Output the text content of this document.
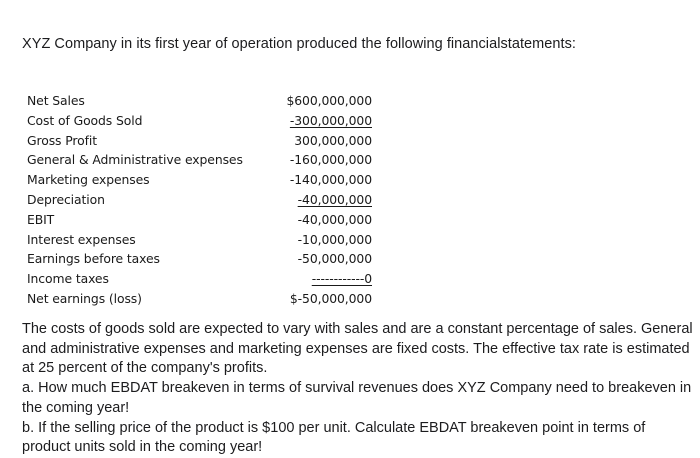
XYZ Company in its first year of operation produced the following financialstatements:

Net Sales	$600,000,000
Cost of Goods Sold	-300,000,000
Gross Profit	300,000,000
General & Administrative expenses	-160,000,000
Marketing expenses	-140,000,000
Depreciation	-40,000,000
EBIT	-40,000,000
Interest expenses	-10,000,000
Earnings before taxes	-50,000,000
Income taxes	------------0
Net earnings (loss)	$-50,000,000

The costs of goods sold are expected to vary with sales and are a constant percentage of sales. General and administrative expenses and marketing expenses are fixed costs. The effective tax rate is estimated at 25 percent of the company's profits.

a. How much EBDAT breakeven in terms of survival revenues does XYZ Company need to breakeven in the coming year!

b. If the selling price of the product is $100 per unit. Calculate EBDAT breakeven point in terms of product units sold in the coming year!
